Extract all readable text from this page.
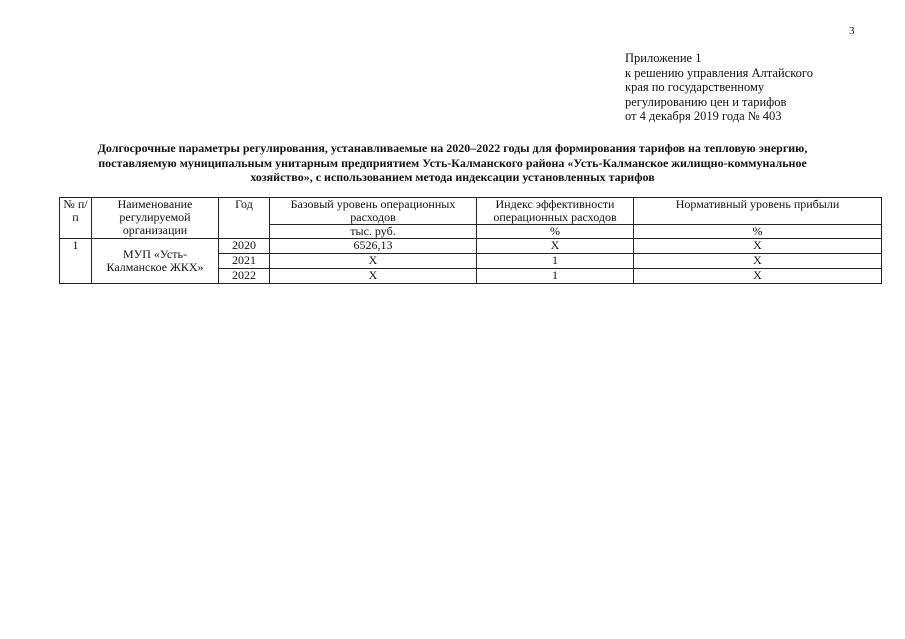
3
Приложение 1
к решению управления Алтайского
края по государственному
регулированию цен и тарифов
от 4 декабря 2019 года № 403
Долгосрочные параметры регулирования, устанавливаемые на 2020–2022 годы для формирования тарифов на тепловую энергию,
поставляемую муниципальным унитарным предприятием Усть-Калманского района «Усть-Калманское жилищно-коммунальное
хозяйство», с использованием метода индексации установленных тарифов
№ п/п	Наименование регулируемой организации	Год	Базовый уровень операционных расходов	Индекс эффективности операционных расходов	Нормативный уровень прибыли
			тыс. руб.	%	%
1	МУП «Усть-Калманское ЖКХ»	2020	6526,13	Х	Х
		2021	Х	1	Х
		2022	Х	1	Х
